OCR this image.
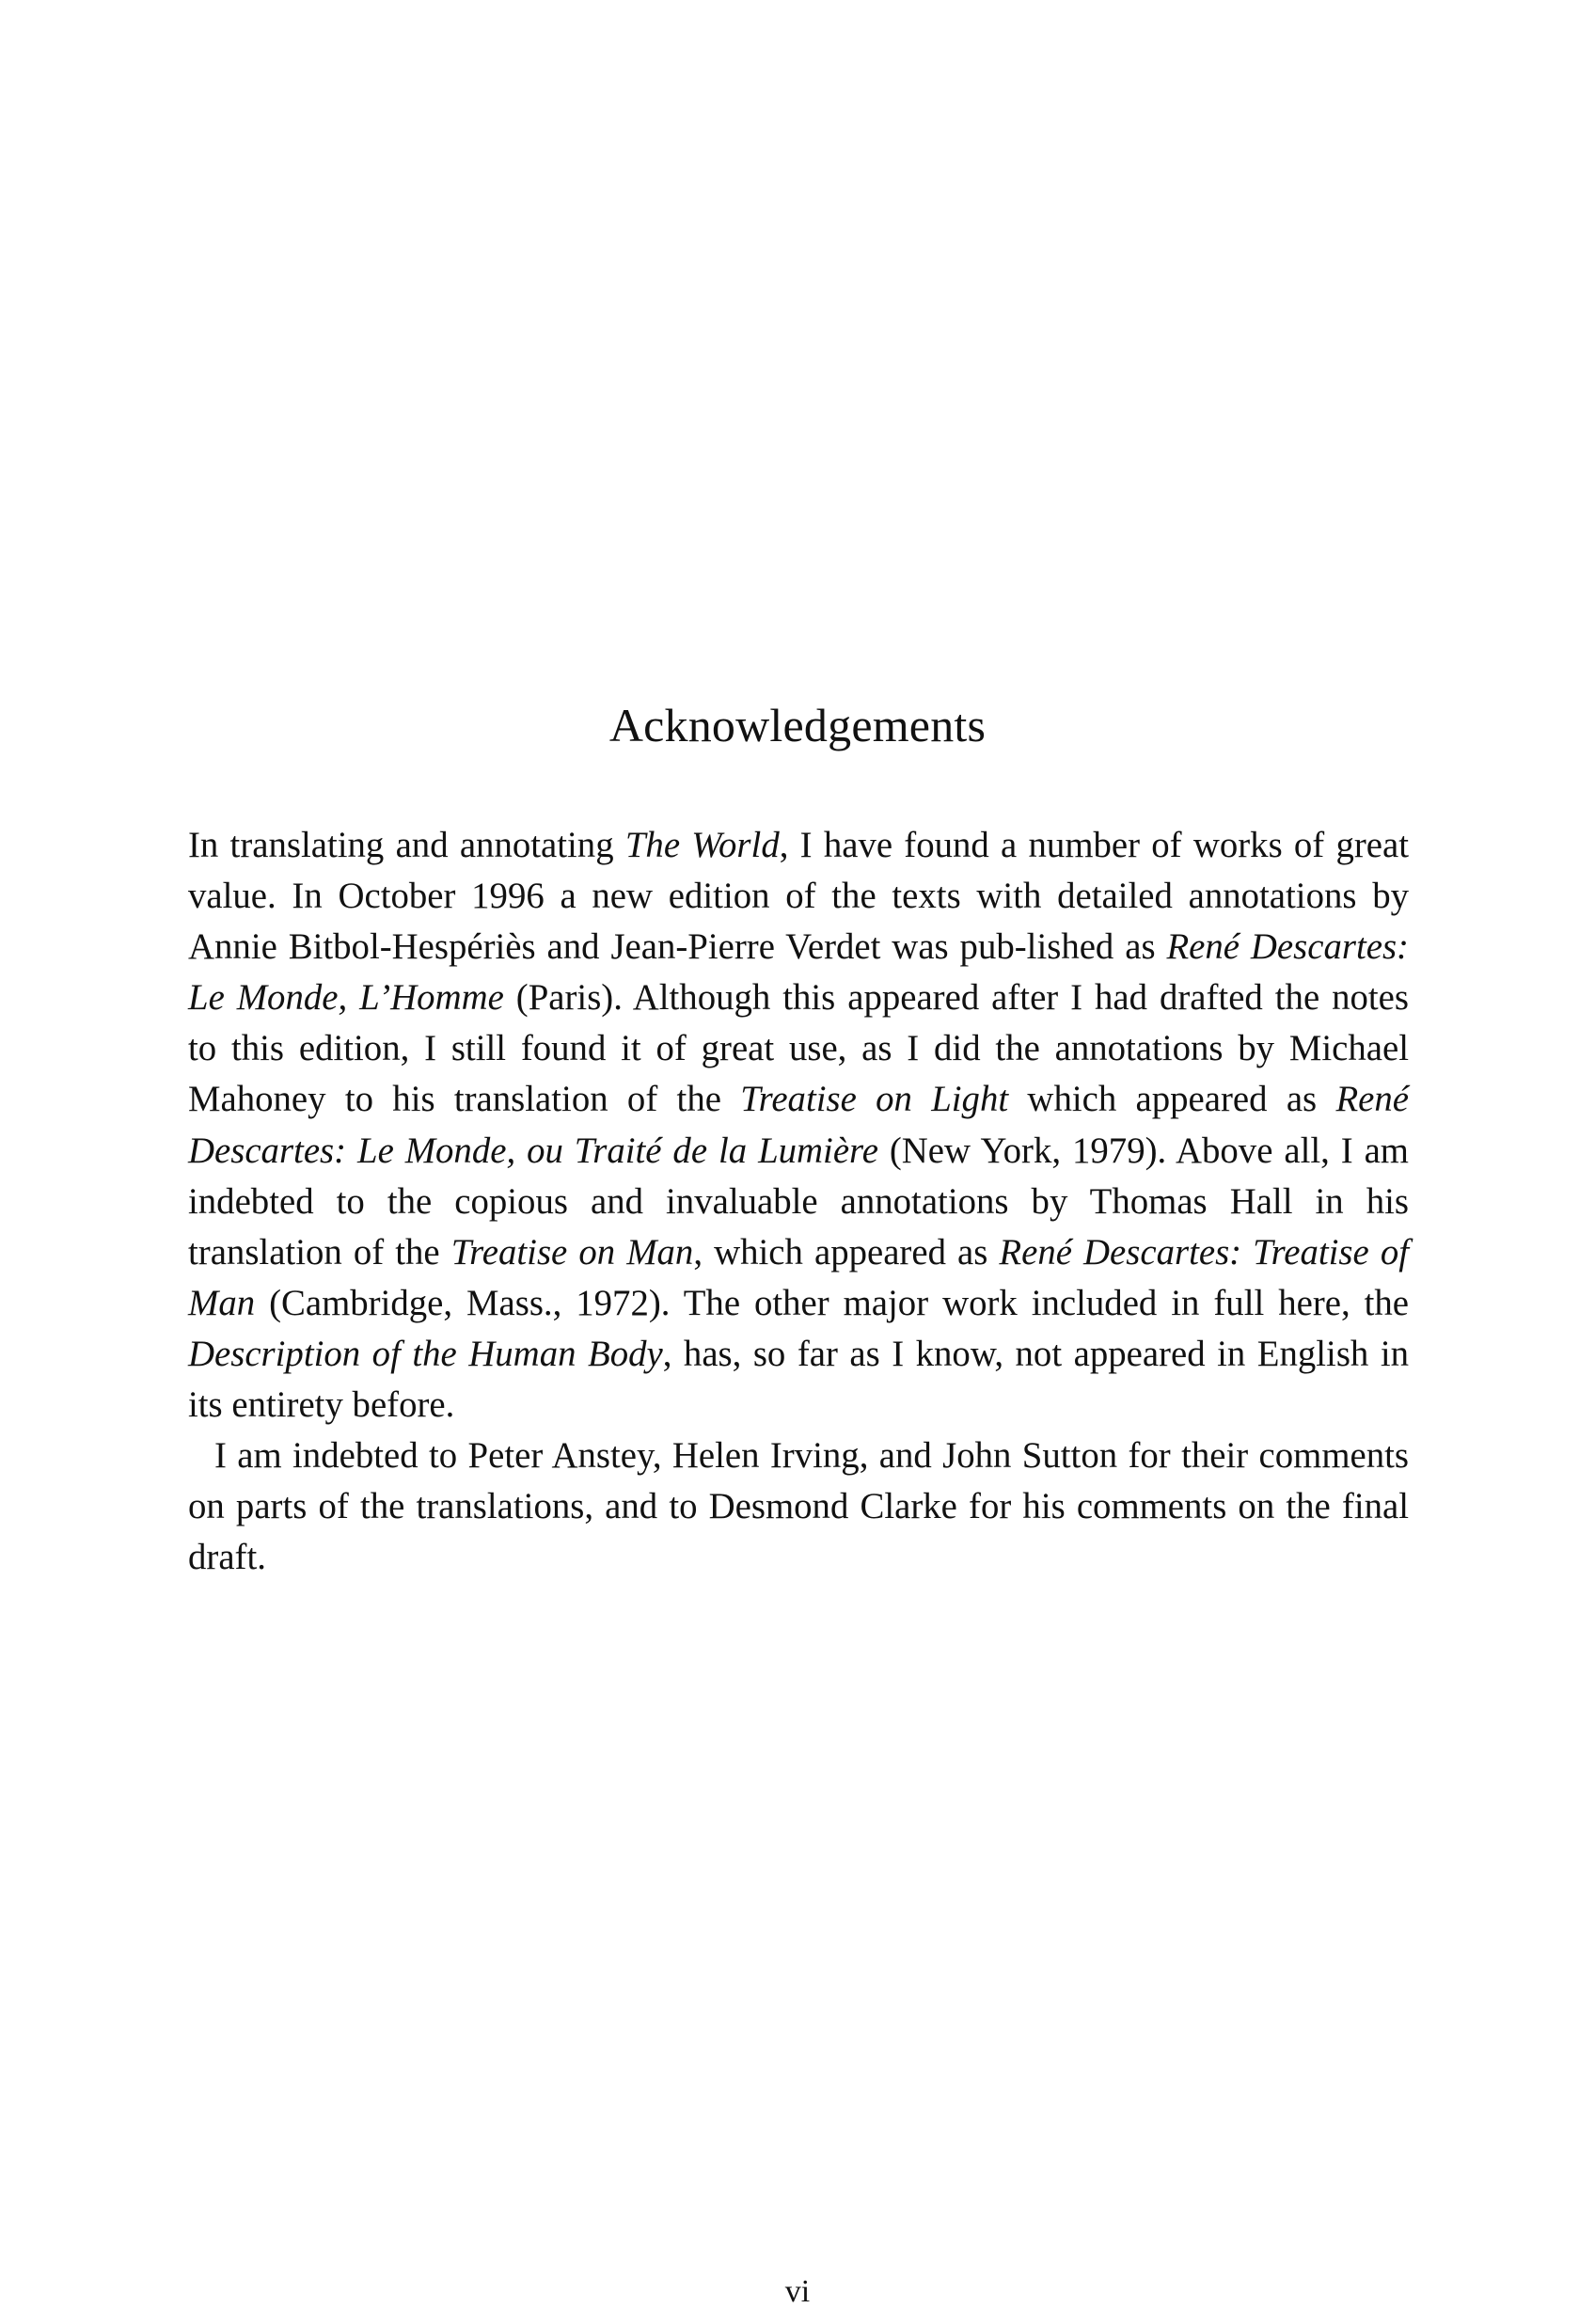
Acknowledgements

In translating and annotating The World, I have found a number of works of great value. In October 1996 a new edition of the texts with detailed annotations by Annie Bitbol-Hespériès and Jean-Pierre Verdet was pub-lished as René Descartes: Le Monde, L’Homme (Paris). Although this appeared after I had drafted the notes to this edition, I still found it of great use, as I did the annotations by Michael Mahoney to his translation of the Treatise on Light which appeared as René Descartes: Le Monde, ou Traité de la Lumière (New York, 1979). Above all, I am indebted to the copious and invaluable annotations by Thomas Hall in his translation of the Treatise on Man, which appeared as René Descartes: Treatise of Man (Cambridge, Mass., 1972). The other major work included in full here, the Description of the Human Body, has, so far as I know, not appeared in English in its entirety before.

I am indebted to Peter Anstey, Helen Irving, and John Sutton for their comments on parts of the translations, and to Desmond Clarke for his comments on the final draft.

vi
